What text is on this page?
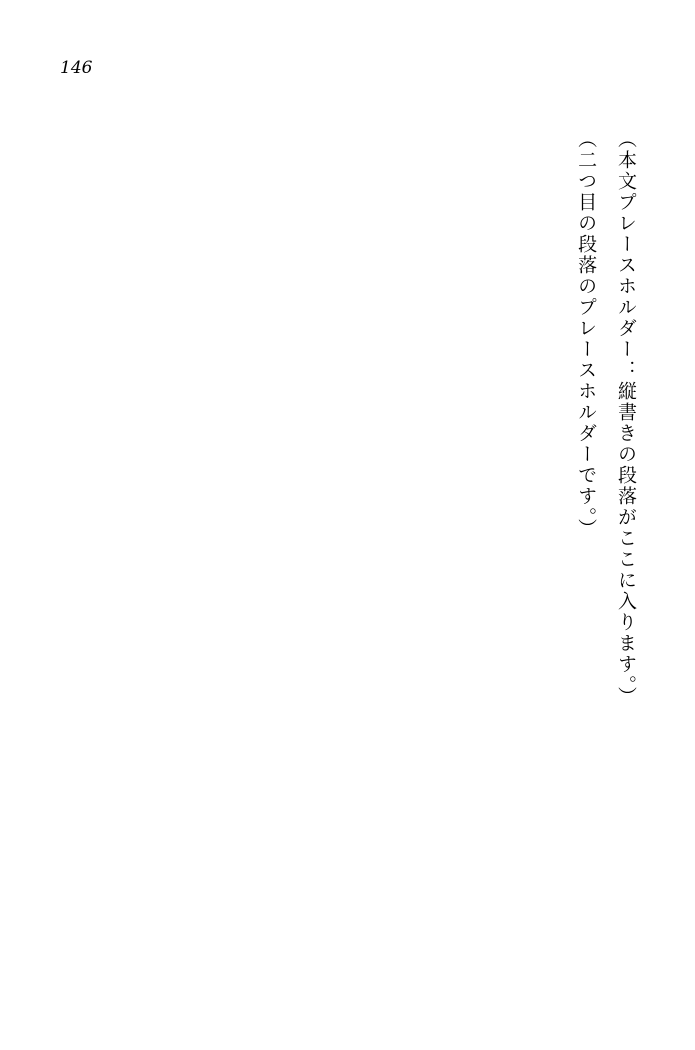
146

（本文プレースホルダー：縦書きの段落がここに入ります。）

（二つ目の段落のプレースホルダーです。）
